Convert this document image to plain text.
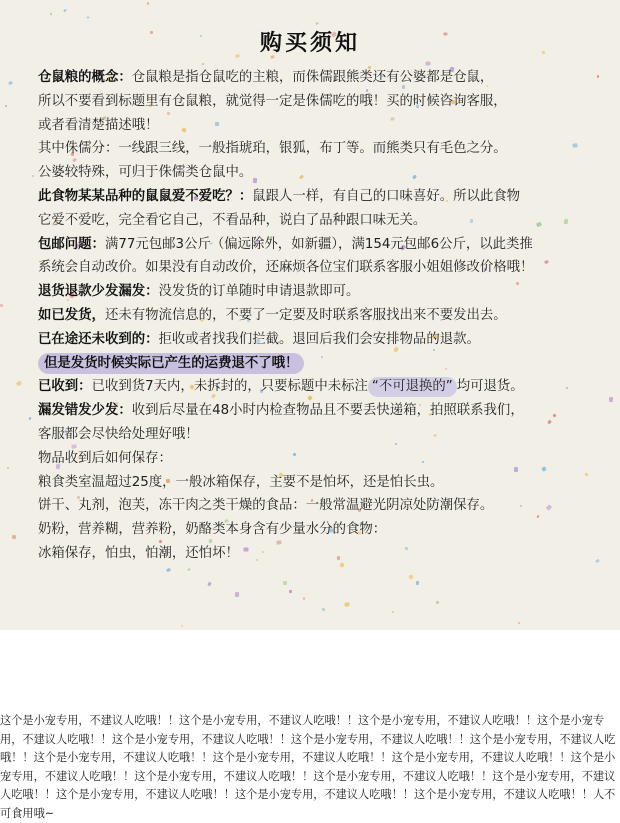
购买须知
仓鼠粮的概念：仓鼠粮是指仓鼠吃的主粮，而侏儒跟熊类还有公婆都是仓鼠，
所以不要看到标题里有仓鼠粮，就觉得一定是侏儒吃的哦！买的时候咨询客服，
或者看清楚描述哦！
其中侏儒分：一线跟三线，一般指琥珀，银狐，布丁等。而熊类只有毛色之分。
公婆较特殊，可归于侏儒类仓鼠中。
此食物某某品种的鼠鼠爱不爱吃？：鼠跟人一样，有自己的口味喜好。所以此食物
它爱不爱吃，完全看它自己，不看品种，说白了品种跟口味无关。
包邮问题：满77元包邮3公斤（偏远除外，如新疆），满154元包邮6公斤，以此类推
系统会自动改价。如果没有自动改价，还麻烦各位宝们联系客服小姐姐修改价格哦！
退货退款少发漏发：没发货的订单随时申请退款即可。
如已发货，还未有物流信息的，不要了一定要及时联系客服找出来不要发出去。
已在途还未收到的：拒收或者找我们拦截。退回后我们会安排物品的退款。
但是发货时候实际已产生的运费退不了哦！
已收到：已收到货7天内，未拆封的，只要标题中未标注 “不可退换的” 均可退货。
漏发错发少发：收到后尽量在48小时内检查物品且不要丢快递箱，拍照联系我们，
客服都会尽快给处理好哦！
物品收到后如何保存：
粮食类室温超过25度，一般冰箱保存，主要不是怕坏，还是怕长虫。
饼干、丸剂，泡芙，冻干肉之类干燥的食品：一般常温避光阴凉处防潮保存。
奶粉，营养糊，营养粉，奶酪类本身含有少量水分的食物：
冰箱保存，怕虫，怕潮，还怕坏！
这个是小宠专用，不建议人吃哦！！这个是小宠专用，不建议人吃哦！！这个是小宠专用，不建议人吃哦！！这个是小宠专用，不建议人吃哦！！这个是小宠专用，不建议人吃哦！！这个是小宠专用，不建议人吃哦！！这个是小宠专用，不建议人吃哦！！这个是小宠专用，不建议人吃哦！！这个是小宠专用，不建议人吃哦！！这个是小宠专用，不建议人吃哦！！这个是小宠专用，不建议人吃哦！！这个是小宠专用，不建议人吃哦！！这个是小宠专用，不建议人吃哦！！这个是小宠专用，不建议人吃哦！！这个是小宠专用，不建议人吃哦！！这个是小宠专用，不建议人吃哦！！这个是小宠专用，不建议人吃哦！！人不可食用哦~
